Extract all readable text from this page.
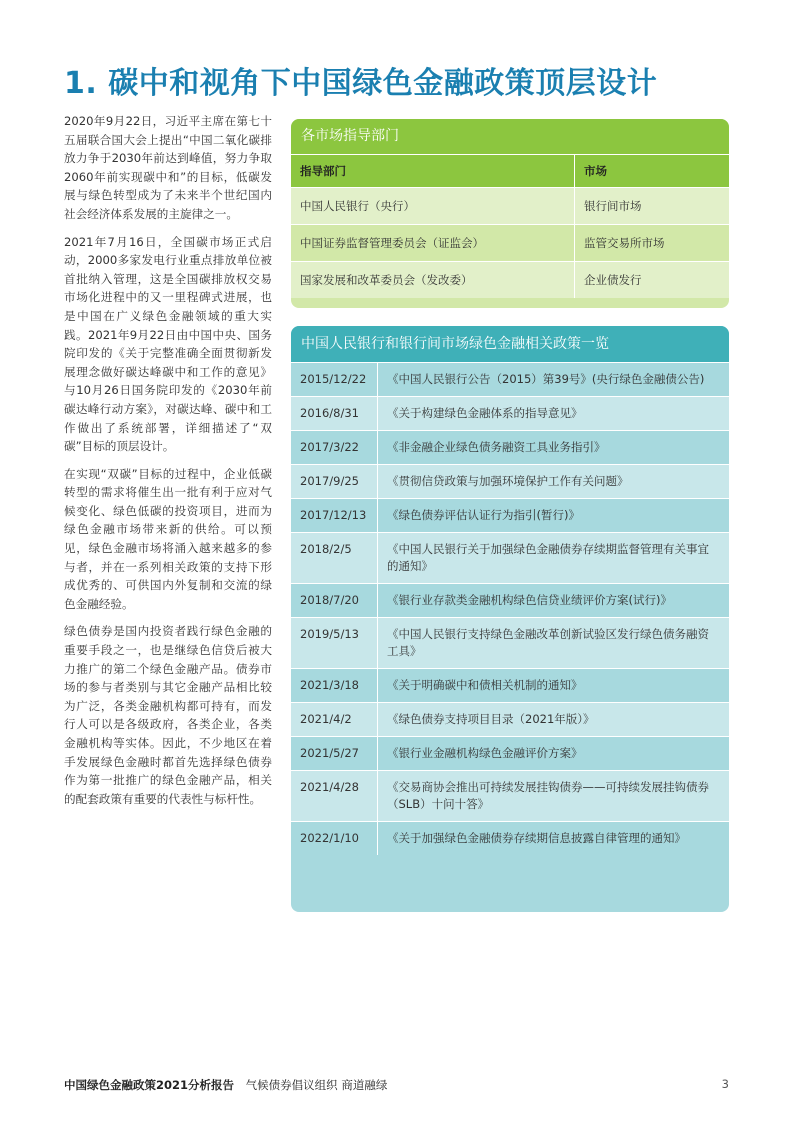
1. 碳中和视角下中国绿色金融政策顶层设计

2020年9月22日，习近平主席在第七十五届联合国大会上提出“中国二氧化碳排放力争于2030年前达到峰值，努力争取2060年前实现碳中和”的目标，低碳发展与绿色转型成为了未来半个世纪国内社会经济体系发展的主旋律之一。

2021年7月16日，全国碳市场正式启动，2000多家发电行业重点排放单位被首批纳入管理，这是全国碳排放权交易市场化进程中的又一里程碑式进展，也是中国在广义绿色金融领域的重大实践。2021年9月22日由中国中央、国务院印发的《关于完整准确全面贯彻新发展理念做好碳达峰碳中和工作的意见》与10月26日国务院印发的《2030年前碳达峰行动方案》，对碳达峰、碳中和工作做出了系统部署，详细描述了“双碳”目标的顶层设计。

在实现“双碳”目标的过程中，企业低碳转型的需求将催生出一批有利于应对气候变化、绿色低碳的投资项目，进而为绿色金融市场带来新的供给。可以预见，绿色金融市场将涌入越来越多的参与者，并在一系列相关政策的支持下形成优秀的、可供国内外复制和交流的绿色金融经验。

绿色债券是国内投资者践行绿色金融的重要手段之一，也是继绿色信贷后被大力推广的第二个绿色金融产品。债券市场的参与者类别与其它金融产品相比较为广泛，各类金融机构都可持有，而发行人可以是各级政府，各类企业，各类金融机构等实体。因此，不少地区在着手发展绿色金融时都首先选择绿色债券作为第一批推广的绿色金融产品，相关的配套政策有重要的代表性与标杆性。

各市场指导部门
指导部门	市场
中国人民银行（央行）	银行间市场
中国证券监督管理委员会（证监会）	监管交易所市场
国家发展和改革委员会（发改委）	企业债发行
中国人民银行和银行间市场绿色金融相关政策一览
2015/12/22	《中国人民银行公告（2015）第39号》(央行绿色金融债公告)
2016/8/31	《关于构建绿色金融体系的指导意见》
2017/3/22	《非金融企业绿色债务融资工具业务指引》
2017/9/25	《贯彻信贷政策与加强环境保护工作有关问题》
2017/12/13	《绿色债券评估认证行为指引(暂行)》
2018/2/5	《中国人民银行关于加强绿色金融债券存续期监督管理有关事宜的通知》
2018/7/20	《银行业存款类金融机构绿色信贷业绩评价方案(试行)》
2019/5/13	《中国人民银行支持绿色金融改革创新试验区发行绿色债务融资工具》
2021/3/18	《关于明确碳中和债相关机制的通知》
2021/4/2	《绿色债券支持项目目录（2021年版）》
2021/5/27	《银行业金融机构绿色金融评价方案》
2021/4/28	《交易商协会推出可持续发展挂钩债券——可持续发展挂钩债券（SLB）十问十答》
2022/1/10	《关于加强绿色金融债券存续期信息披露自律管理的通知》
中国绿色金融政策2021分析报告 气候债券倡议组织 商道融绿	3
